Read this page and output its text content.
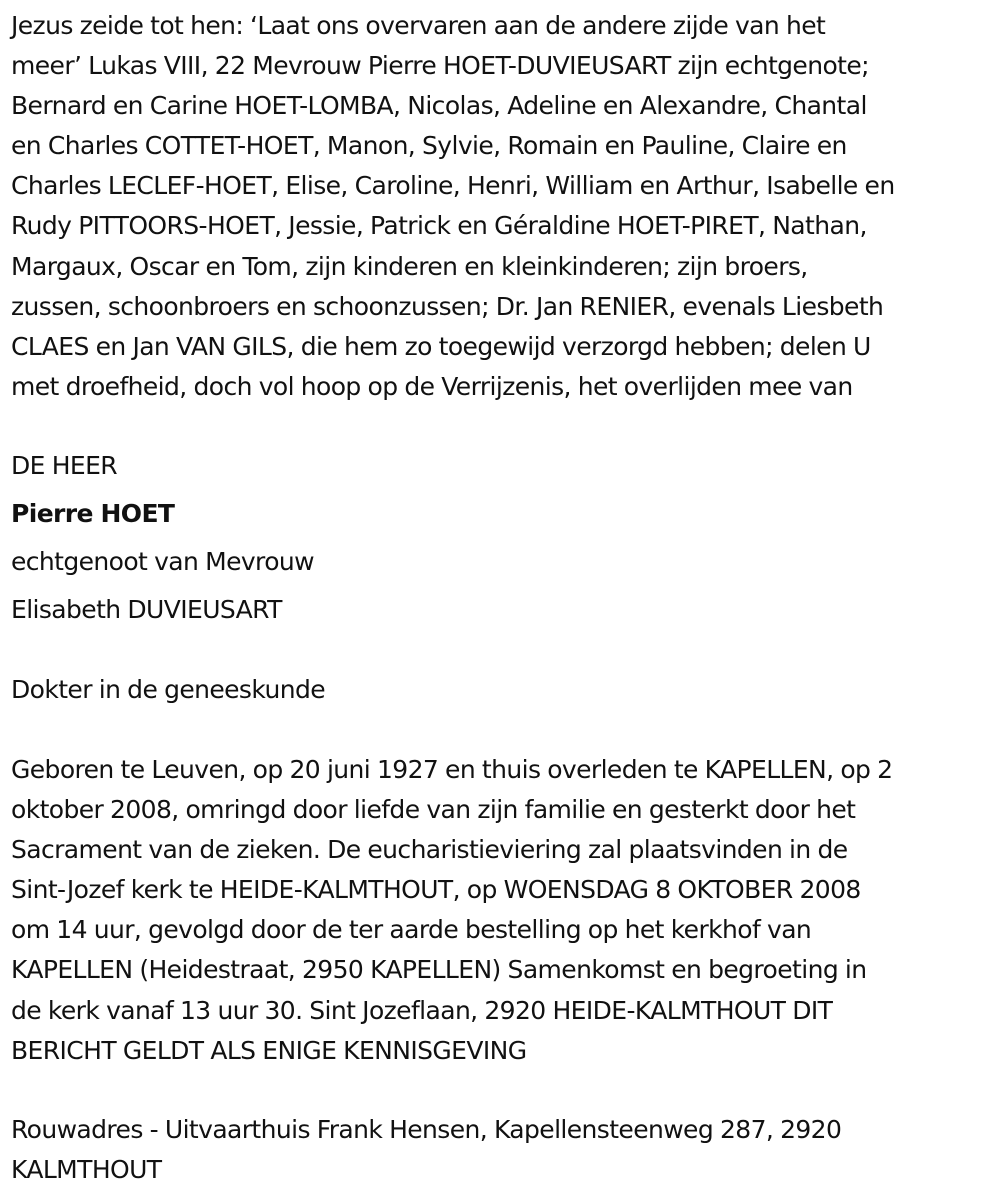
Jezus zeide tot hen: ‘Laat ons overvaren aan de andere zijde van het
meer’ Lukas VIII, 22 Mevrouw Pierre HOET-DUVIEUSART zijn echtgenote;
Bernard en Carine HOET-LOMBA, Nicolas, Adeline en Alexandre, Chantal
en Charles COTTET-HOET, Manon, Sylvie, Romain en Pauline, Claire en
Charles LECLEF-HOET, Elise, Caroline, Henri, William en Arthur, Isabelle en
Rudy PITTOORS-HOET, Jessie, Patrick en Géraldine HOET-PIRET, Nathan,
Margaux, Oscar en Tom, zijn kinderen en kleinkinderen; zijn broers,
zussen, schoonbroers en schoonzussen; Dr. Jan RENIER, evenals Liesbeth
CLAES en Jan VAN GILS, die hem zo toegewijd verzorgd hebben; delen U
met droefheid, doch vol hoop op de Verrijzenis, het overlijden mee van

DE HEER

Pierre HOET

echtgenoot van Mevrouw

Elisabeth DUVIEUSART

Dokter in de geneeskunde

Geboren te Leuven, op 20 juni 1927 en thuis overleden te KAPELLEN, op 2
oktober 2008, omringd door liefde van zijn familie en gesterkt door het
Sacrament van de zieken. De eucharistieviering zal plaatsvinden in de
Sint-Jozef kerk te HEIDE-KALMTHOUT, op WOENSDAG 8 OKTOBER 2008
om 14 uur, gevolgd door de ter aarde bestelling op het kerkhof van
KAPELLEN (Heidestraat, 2950 KAPELLEN) Samenkomst en begroeting in
de kerk vanaf 13 uur 30. Sint Jozeflaan, 2920 HEIDE-KALMTHOUT DIT
BERICHT GELDT ALS ENIGE KENNISGEVING

Rouwadres - Uitvaarthuis Frank Hensen, Kapellensteenweg 287, 2920
KALMTHOUT
